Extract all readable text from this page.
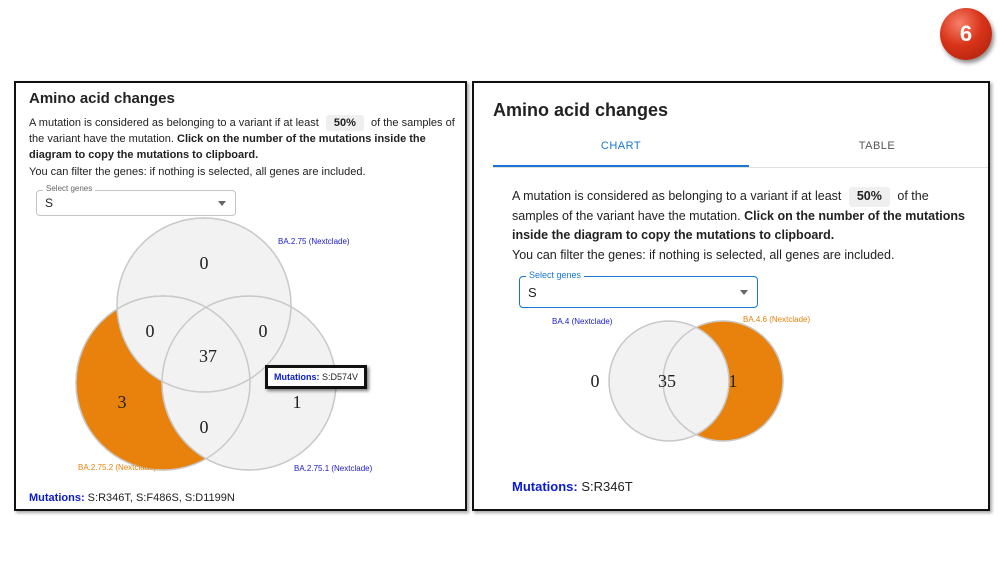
6
Amino acid changes
A mutation is considered as belonging to a variant if at least 50% of the samples of the variant have the mutation. Click on the number of the mutations inside the diagram to copy the mutations to clipboard.
You can filter the genes: if nothing is selected, all genes are included.
Select genes
S
0
0	0
37
3	1
0
BA.2.75 (Nextclade)
BA.2.75.2 (Nextclade)	BA.2.75.1 (Nextclade)
Mutations: S:D574V
Mutations: S:R346T, S:F486S, S:D1199N
Amino acid changes
CHART	TABLE
A mutation is considered as belonging to a variant if at least 50% of the samples of the variant have the mutation. Click on the number of the mutations inside the diagram to copy the mutations to clipboard.
You can filter the genes: if nothing is selected, all genes are included.
Select genes
S
0	35	1
BA.4 (Nextclade)	BA.4.6 (Nextclade)
Mutations: S:R346T
